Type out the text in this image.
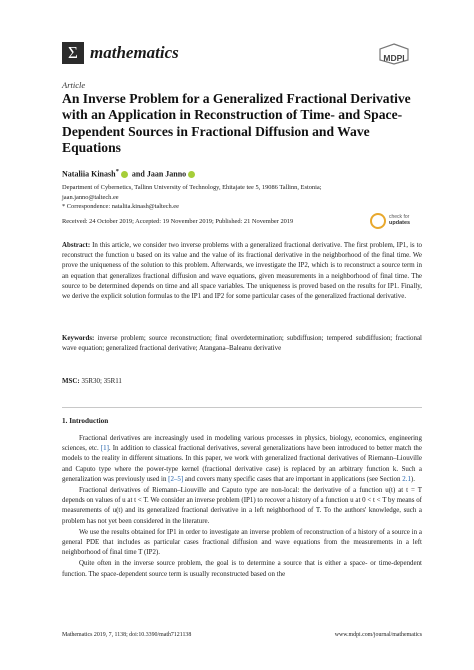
Σ mathematics	MDPI
Article
An Inverse Problem for a Generalized Fractional Derivative with an Application in Reconstruction of Time- and Space-Dependent Sources in Fractional Diffusion and Wave Equations
Nataliia Kinash* and Jaan Janno
Department of Cybernetics, Tallinn University of Technology, Ehitajate tee 5, 19086 Tallinn, Estonia;
jaan.janno@taltech.ee
* Correspondence: nataliia.kinash@taltech.ee
Received: 24 October 2019; Accepted: 19 November 2019; Published: 21 November 2019
check for
updates

Abstract: In this article, we consider two inverse problems with a generalized fractional derivative. The first problem, IP1, is to reconstruct the function u based on its value and the value of its fractional derivative in the neighborhood of the final time. We prove the uniqueness of the solution to this problem. Afterwards, we investigate the IP2, which is to reconstruct a source term in an equation that generalizes fractional diffusion and wave equations, given measurements in a neighborhood of final time. The source to be determined depends on time and all space variables. The uniqueness is proved based on the results for IP1. Finally, we derive the explicit solution formulas to the IP1 and IP2 for some particular cases of the generalized fractional derivative.

Keywords: inverse problem; source reconstruction; final overdetermination; subdiffusion; tempered subdiffusion; fractional wave equation; generalized fractional derivative; Atangana–Baleanu derivative

MSC: 35R30; 35R11

1. Introduction

Fractional derivatives are increasingly used in modeling various processes in physics, biology, economics, engineering sciences, etc. [1]. In addition to classical fractional derivatives, several generalizations have been introduced to better match the models to the reality in different situations. In this paper, we work with generalized fractional derivatives of Riemann–Liouville and Caputo type where the power-type kernel (fractional derivative case) is replaced by an arbitrary function k. Such a generalization was previously used in [2–5] and covers many specific cases that are important in applications (see Section 2.1).

Fractional derivatives of Riemann–Liouville and Caputo type are non-local: the derivative of a function u(t) at t = T depends on values of u at t < T. We consider an inverse problem (IP1) to recover a history of a function u at 0 < t < T by means of measurements of u(t) and its generalized fractional derivative in a left neighborhood of T. To the authors' knowledge, such a problem has not yet been considered in the literature.

We use the results obtained for IP1 in order to investigate an inverse problem of reconstruction of a history of a source in a general PDE that includes as particular cases fractional diffusion and wave equations from the measurements in a left neighborhood of final time T (IP2).

Quite often in the inverse source problem, the goal is to determine a source that is either a space- or time-dependent function. The space-dependent source term is usually reconstructed based on the

Mathematics 2019, 7, 1138; doi:10.3390/math7121138	www.mdpi.com/journal/mathematics
